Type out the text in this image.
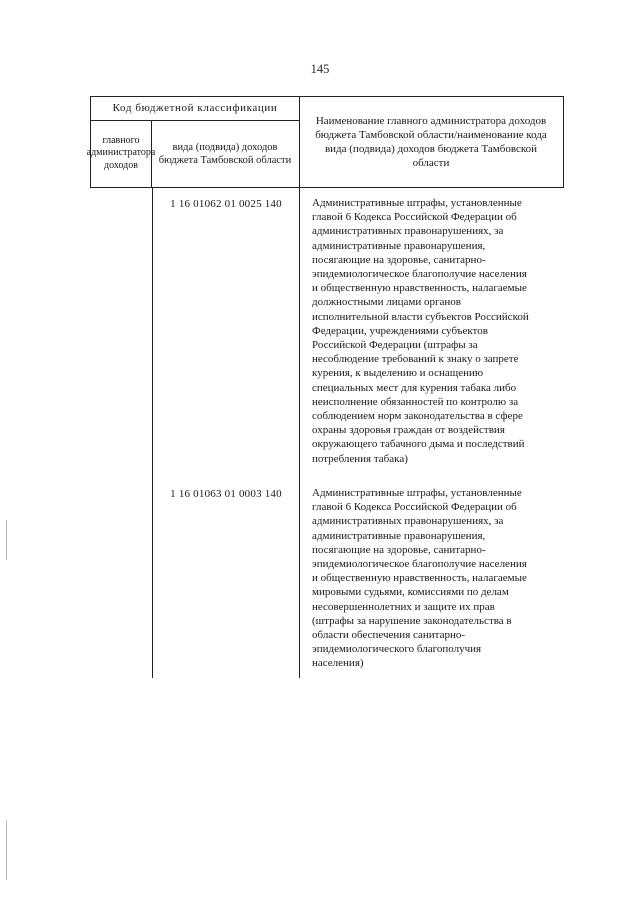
145
Код бюджетной классификации
главного администратора доходов
вида (подвида) доходов бюджета Тамбовской области
Наименование главного администратора доходов бюджета Тамбовской области/наименование кода вида (подвида) доходов бюджета Тамбовской области
1 16 01062 01 0025 140	Административные штрафы, установленные
главой 6 Кодекса Российской Федерации об
административных правонарушениях, за
административные правонарушения,
посягающие на здоровье, санитарно-
эпидемиологическое благополучие населения
и общественную нравственность, налагаемые
должностными лицами органов
исполнительной власти субъектов Российской
Федерации, учреждениями субъектов
Российской Федерации (штрафы за
несоблюдение требований к знаку о запрете
курения, к выделению и оснащению
специальных мест для курения табака либо
неисполнение обязанностей по контролю за
соблюдением норм законодательства в сфере
охраны здоровья граждан от воздействия
окружающего табачного дыма и последствий
потребления табака)
1 16 01063 01 0003 140	Административные штрафы, установленные
главой 6 Кодекса Российской Федерации об
административных правонарушениях, за
административные правонарушения,
посягающие на здоровье, санитарно-
эпидемиологическое благополучие населения
и общественную нравственность, налагаемые
мировыми судьями, комиссиями по делам
несовершеннолетних и защите их прав
(штрафы за нарушение законодательства в
области обеспечения санитарно-
эпидемиологического благополучия
населения)
